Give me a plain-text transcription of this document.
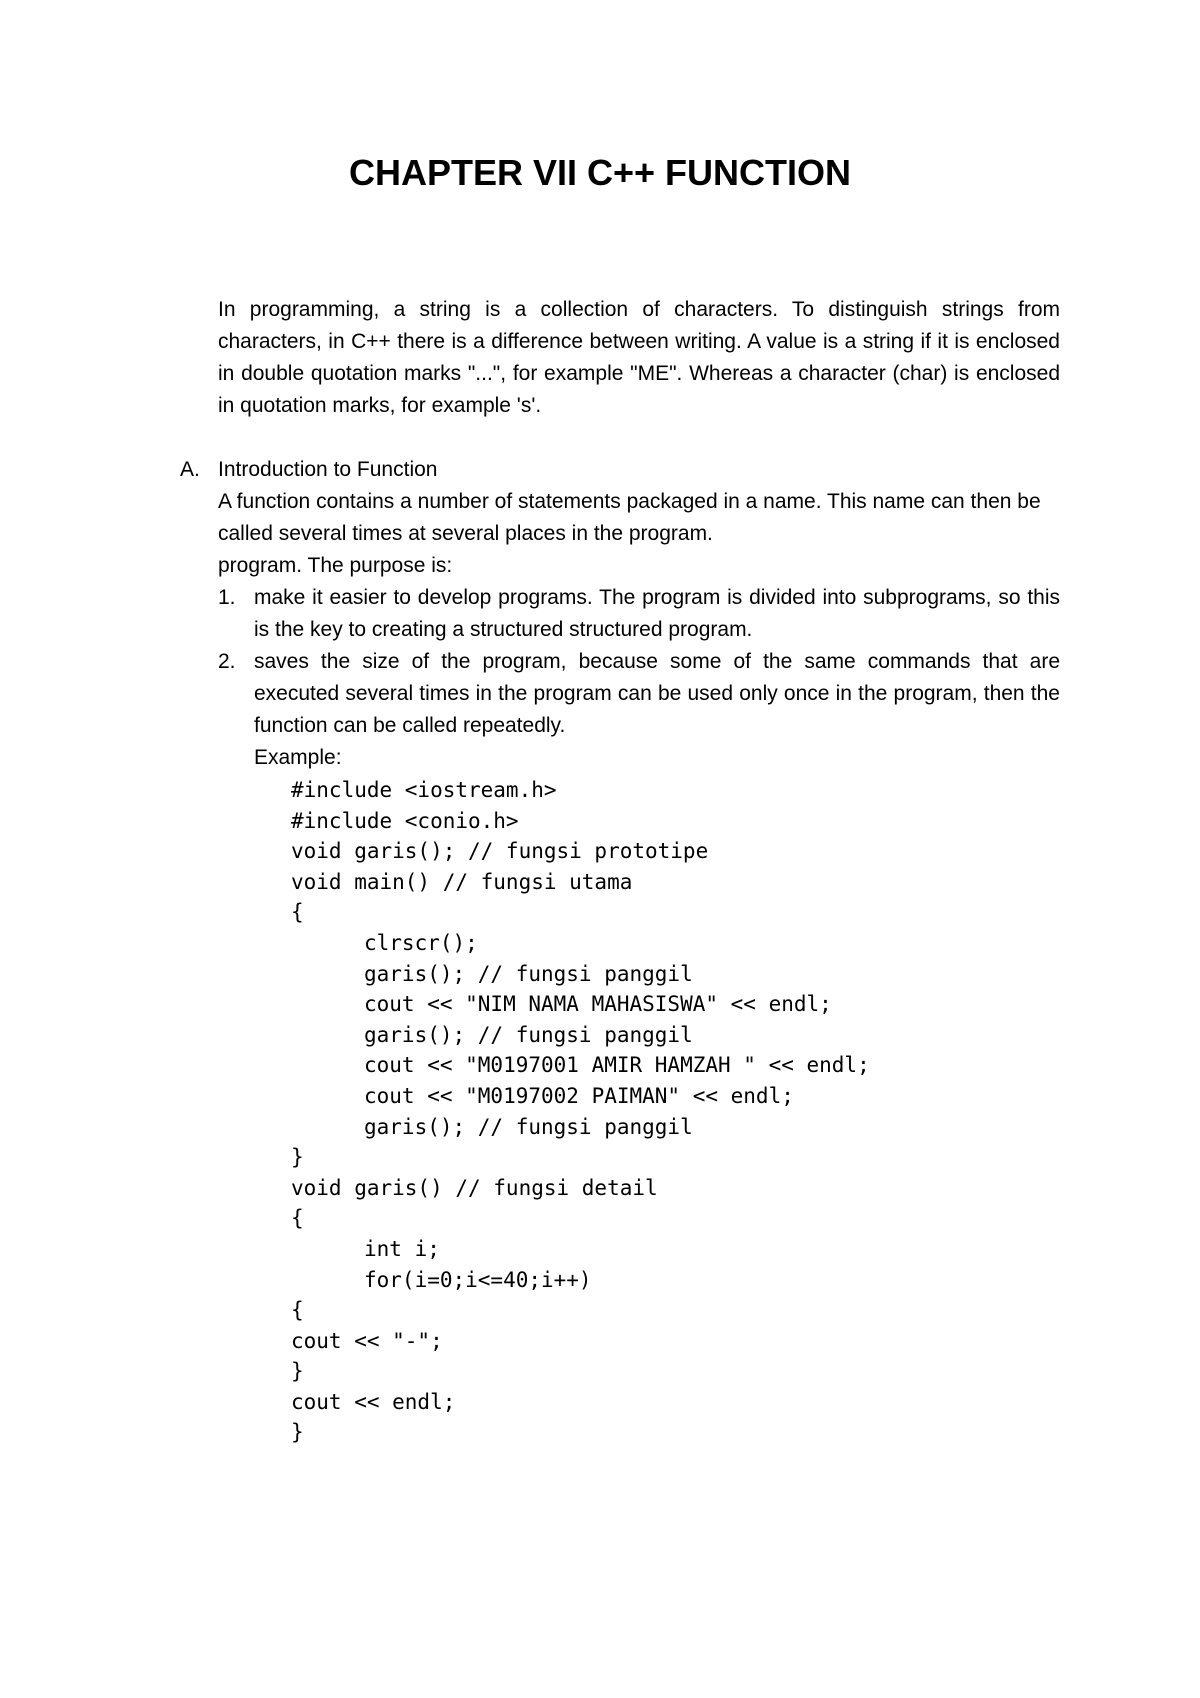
CHAPTER VII C++ FUNCTION
In programming, a string is a collection of characters. To distinguish strings from characters, in C++ there is a difference between writing. A value is a string if it is enclosed in double quotation marks "...", for example "ME". Whereas a character (char) is enclosed in quotation marks, for example 's'.
A. Introduction to Function
A function contains a number of statements packaged in a name. This name can then be called several times at several places in the program.
program. The purpose is:
1. make it easier to develop programs. The program is divided into subprograms, so this is the key to creating a structured structured program.
2. saves the size of the program, because some of the same commands that are executed several times in the program can be used only once in the program, then the function can be called repeatedly.
Example:
#include <iostream.h>
#include <conio.h>
void garis(); // fungsi prototipe
void main() // fungsi utama
{
clrscr();
garis(); // fungsi panggil
cout << "NIM NAMA MAHASISWA" << endl;
garis(); // fungsi panggil
cout << "M0197001 AMIR HAMZAH " << endl;
cout << "M0197002 PAIMAN" << endl;
garis(); // fungsi panggil
}
void garis() // fungsi detail
{
int i;
for(i=0;i<=40;i++)
{
cout << "-";
}
cout << endl;
}
